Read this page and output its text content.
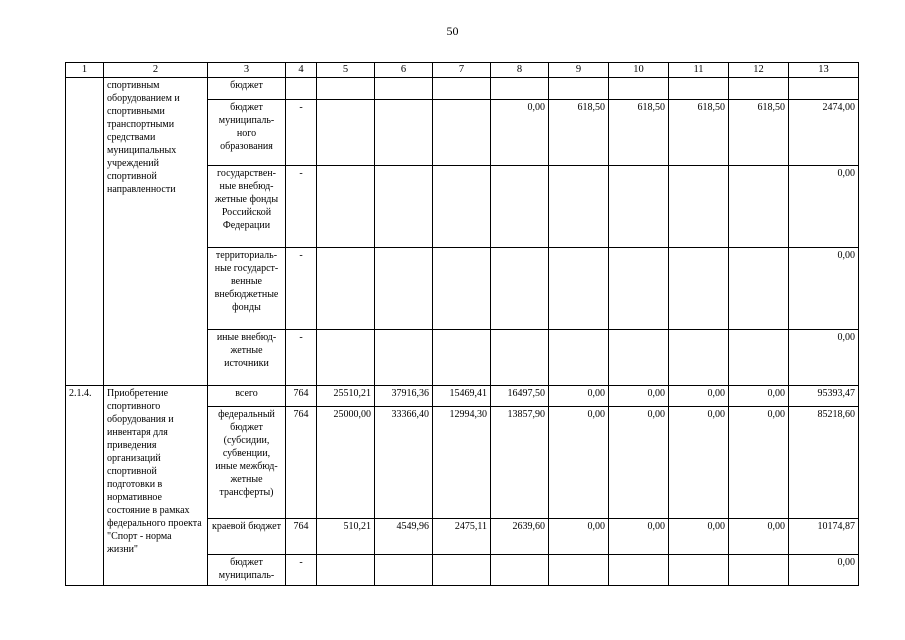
50
1	2	3	4	5	6	7	8	9	10	11	12	13
	спортивным оборудованием и спортивными транспортными средствами муниципальных учреждений спортивной направленности	бюджет										
		бюджет муниципаль-ного образования	-				0,00	618,50	618,50	618,50	618,50	2474,00
		государствен-ные внебюд-жетные фонды Российской Федерации	-									0,00
		территориаль-ные государст-венные внебюджетные фонды	-									0,00
		иные внебюд-жетные источники	-									0,00
2.1.4.	Приобретение спортивного оборудования и инвентаря для приведения организаций спортивной подготовки в нормативное состояние в рамках федерального проекта "Спорт - норма жизни"	всего	764	25510,21	37916,36	15469,41	16497,50	0,00	0,00	0,00	0,00	95393,47
		федеральный бюджет (субсидии, субвенции, иные межбюд-жетные трансферты)	764	25000,00	33366,40	12994,30	13857,90	0,00	0,00	0,00	0,00	85218,60
		краевой бюджет	764	510,21	4549,96	2475,11	2639,60	0,00	0,00	0,00	0,00	10174,87
		бюджет муниципаль-	-									0,00
